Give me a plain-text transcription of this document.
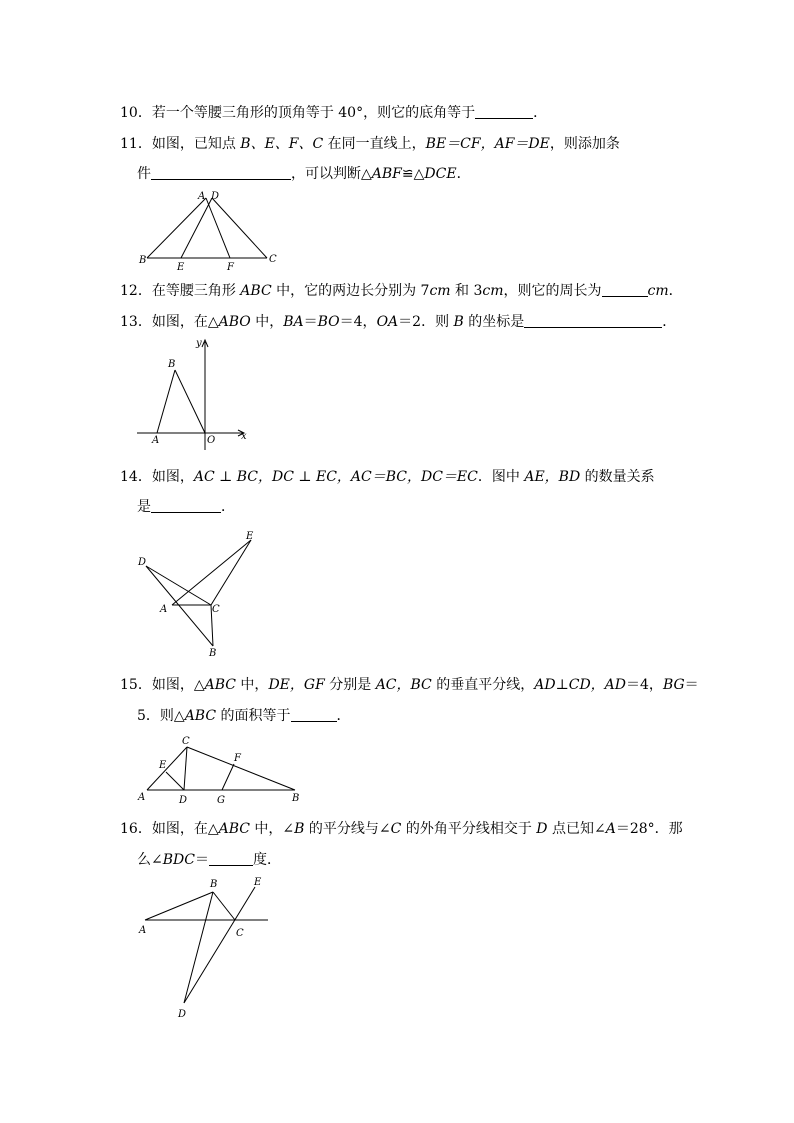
10．若一个等腰三角形的顶角等于 40°，则它的底角等于	．
11．如图，已知点 B、E、F、C 在同一直线上，BE＝CF，AF＝DE，则添加条
件	，可以判断△ABF≌△DCE．
A D
B
E	F
C
12．在等腰三角形 ABC 中，它的两边长分别为 7cm 和 3cm，则它的周长为	cm．
13．如图，在△ABO 中，BA＝BO＝4，OA＝2．则 B 的坐标是	．
y
x
B
A	O
14．如图，AC ⊥ BC，DC ⊥ EC，AC＝BC，DC＝EC．图中 AE，BD 的数量关系
是	．
D
E
A	C
B
15．如图，△ABC 中，DE，GF 分别是 AC，BC 的垂直平分线，AD⊥CD，AD＝4，BG＝
5．则△ABC 的面积等于	．
C
E
F
A	D	G	B
16．如图，在△ABC 中，∠B 的平分线与∠C 的外角平分线相交于 D 点已知∠A＝28°．那
么∠BDC＝	度．
B	E
A	C
D
